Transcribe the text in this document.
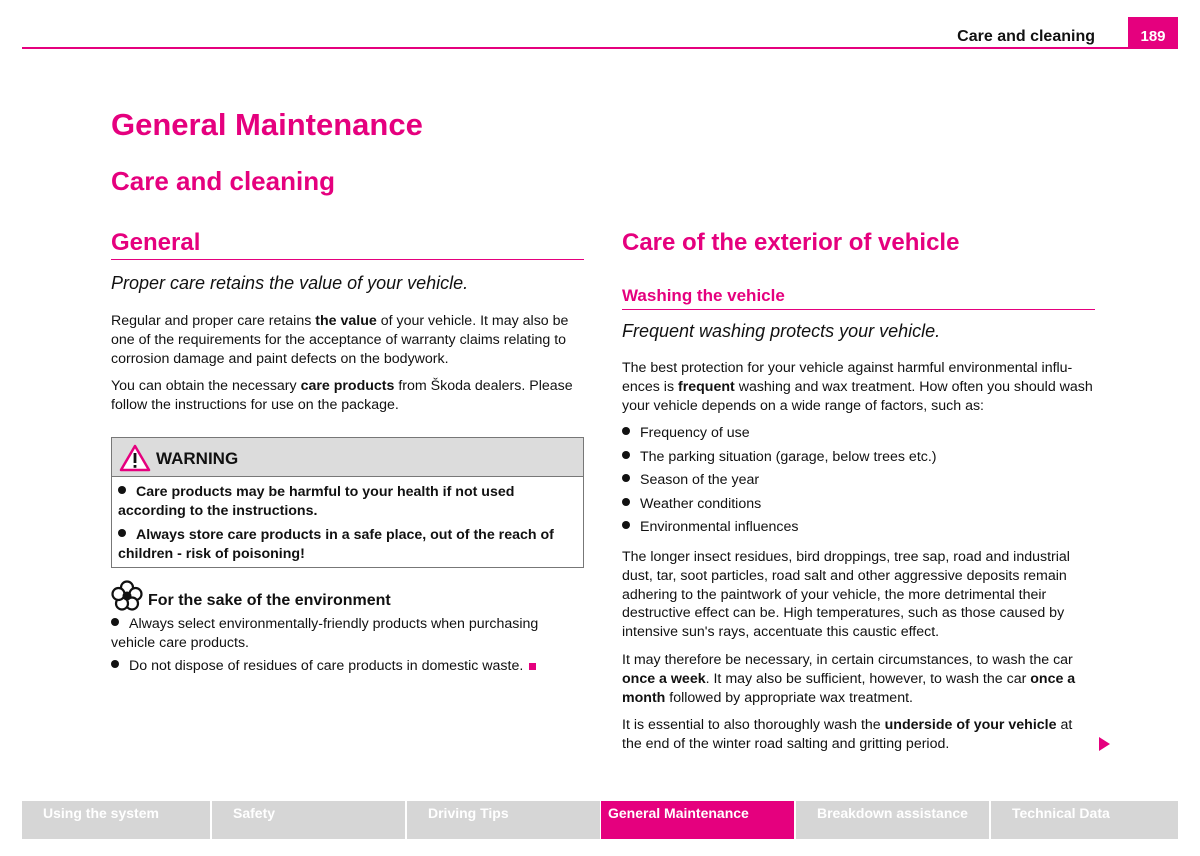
Care and cleaning	189
General Maintenance
Care and cleaning
General
Proper care retains the value of your vehicle.

Regular and proper care retains the value of your vehicle. It may also be one of the requirements for the acceptance of warranty claims relating to corrosion damage and paint defects on the bodywork.

You can obtain the necessary care products from Škoda dealers. Please follow the instructions for use on the package.

WARNING
Care products may be harmful to your health if not used according to the instructions.
Always store care products in a safe place, out of the reach of children - risk of poisoning!
For the sake of the environment
Always select environmentally-friendly products when purchasing vehicle care products.
Do not dispose of residues of care products in domestic waste.
Care of the exterior of vehicle
Washing the vehicle
Frequent washing protects your vehicle.

The best protection for your vehicle against harmful environmental influ-ences is frequent washing and wax treatment. How often you should wash your vehicle depends on a wide range of factors, such as:

Frequency of use
The parking situation (garage, below trees etc.)
Season of the year
Weather conditions
Environmental influences

The longer insect residues, bird droppings, tree sap, road and industrial dust, tar, soot particles, road salt and other aggressive deposits remain adhering to the paintwork of your vehicle, the more detrimental their destructive effect can be. High temperatures, such as those caused by intensive sun's rays, accentuate this caustic effect.

It may therefore be necessary, in certain circumstances, to wash the car once a week. It may also be sufficient, however, to wash the car once a month followed by appropriate wax treatment.

It is essential to also thoroughly wash the underside of your vehicle at the end of the winter road salting and gritting period.

Using the system	Safety	Driving Tips	General Maintenance	Breakdown assistance	Technical Data
